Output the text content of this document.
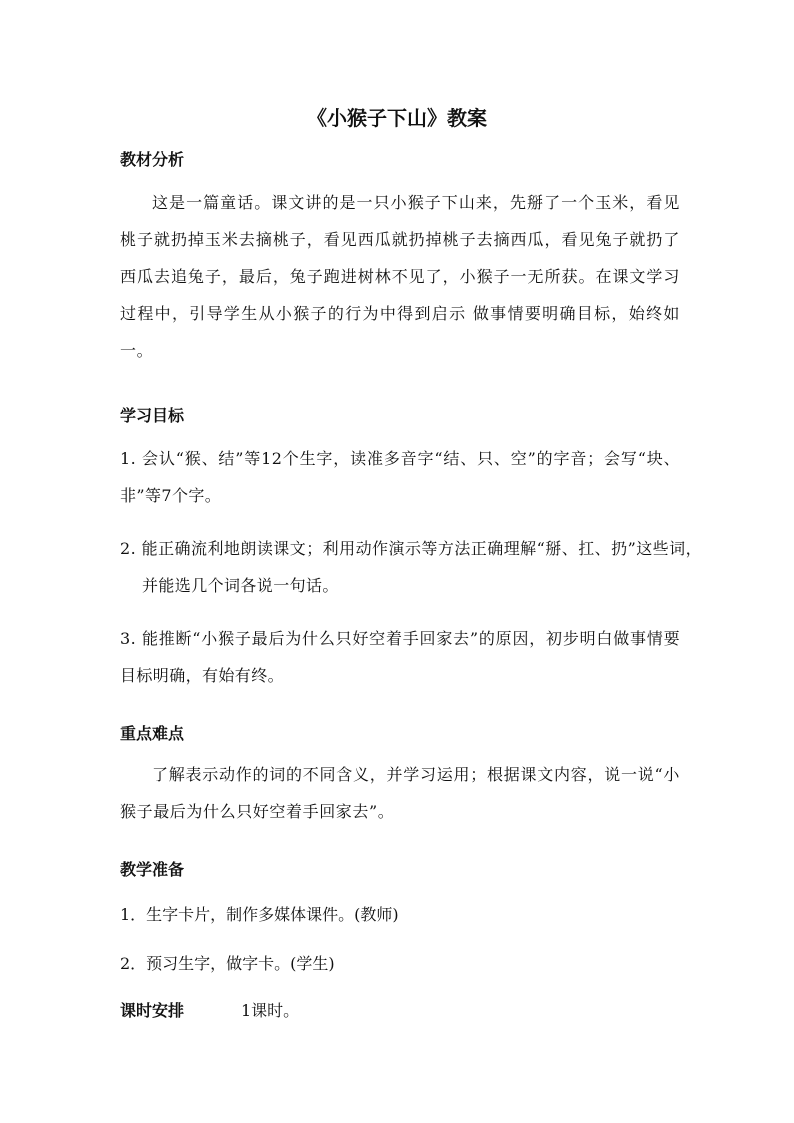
《小猴子下山》教案
教材分析
这是一篇童话。课文讲的是一只小猴子下山来，先掰了一个玉米，看见桃子就扔掉玉米去摘桃子，看见西瓜就扔掉桃子去摘西瓜，看见兔子就扔了西瓜去追兔子，最后，兔子跑进树林不见了，小猴子一无所获。在课文学习过程中，引导学生从小猴子的行为中得到启示 做事情要明确目标，始终如一。
学习目标
1. 会认“猴、结”等12个生字，读准多音字“结、只、空”的字音；会写“块、非”等7个字。
2. 能正确流利地朗读课文；利用动作演示等方法正确理解“掰、扛、扔”这些词，并能选几个词各说一句话。
3. 能推断“小猴子最后为什么只好空着手回家去”的原因，初步明白做事情要目标明确，有始有终。
重点难点
了解表示动作的词的不同含义，并学习运用；根据课文内容，说一说“小猴子最后为什么只好空着手回家去”。
教学准备
1．生字卡片，制作多媒体课件。(教师)
2．预习生字，做字卡。(学生)
课时安排	1课时。
